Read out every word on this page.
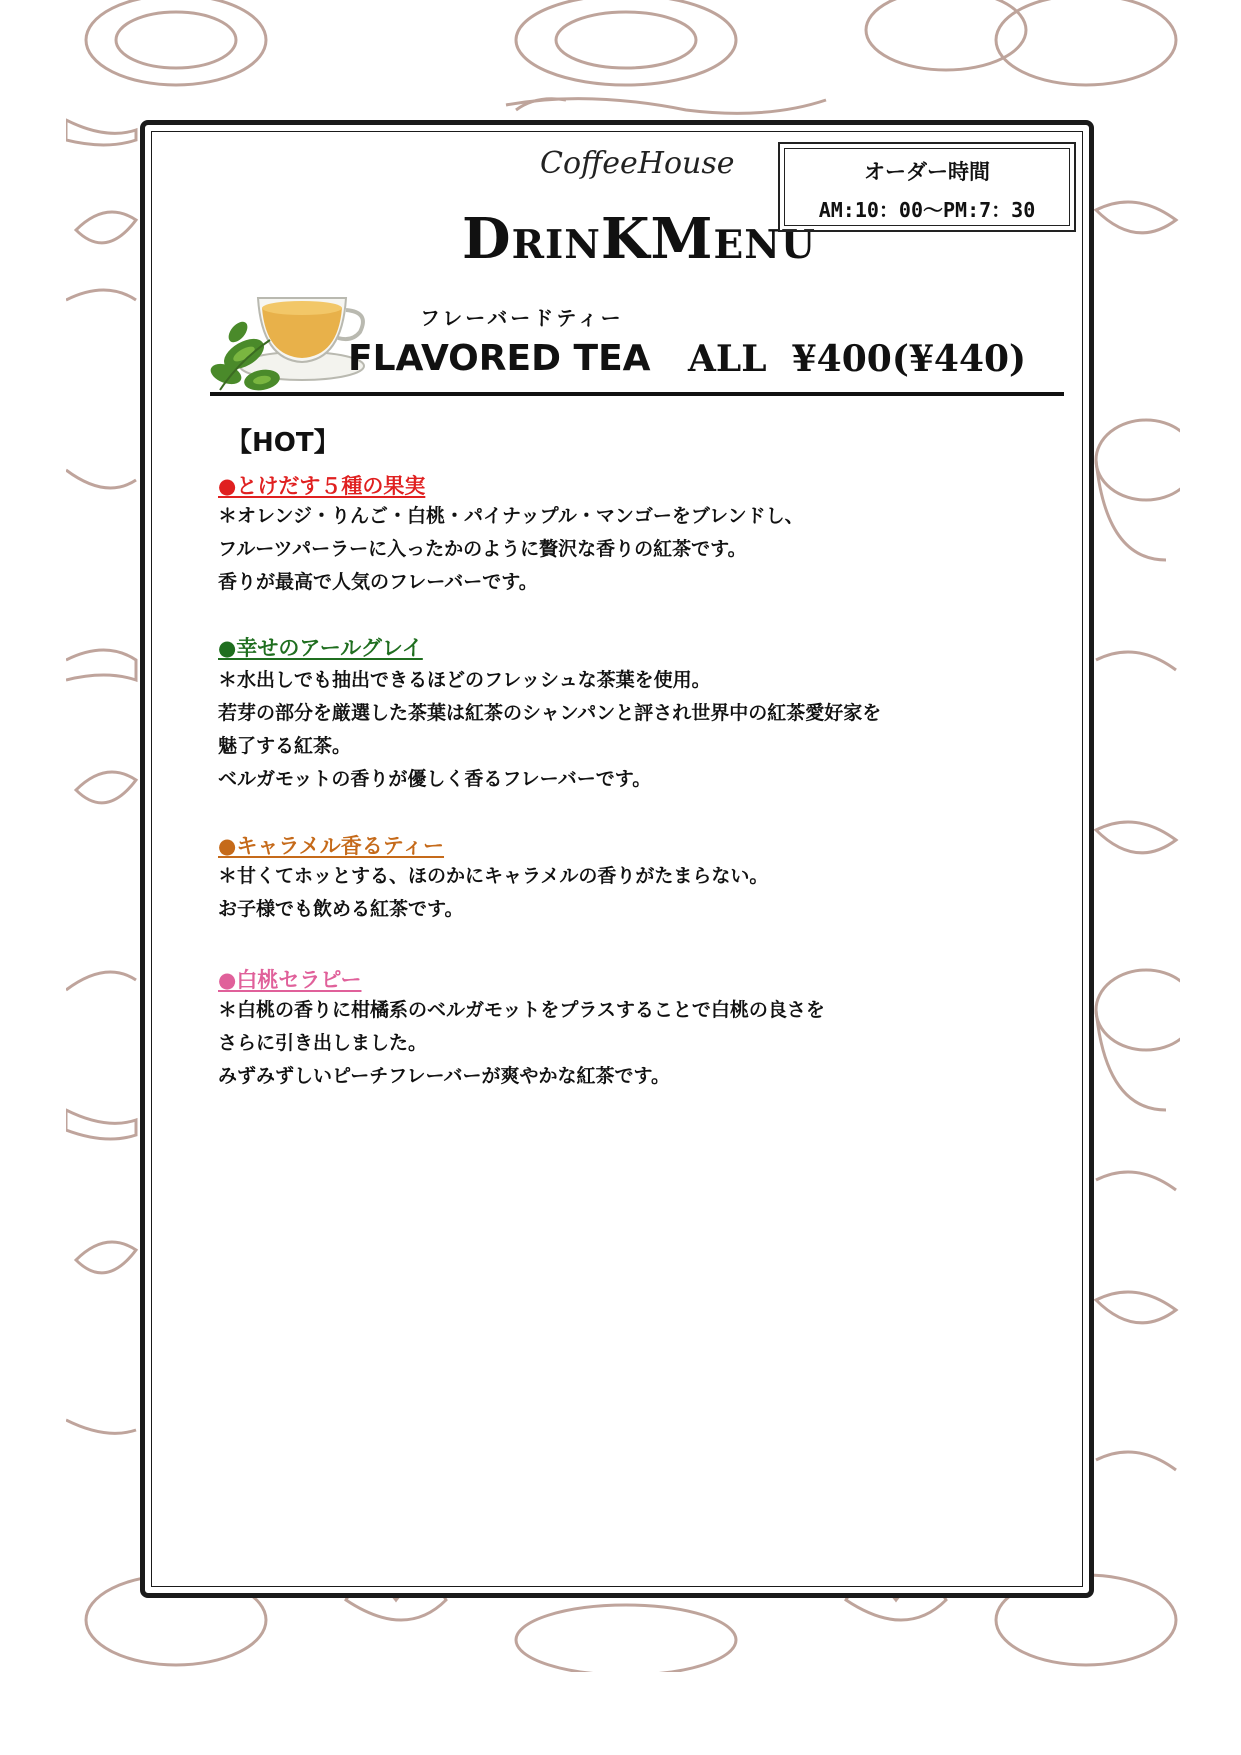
CoffeeHouse
DrinKMenu
オーダー時間
AM:10：00～PM:7：30
フレーバードティー
FLAVORED TEA ALL  ¥400(¥440)
【HOT】
●とけだす５種の果実
＊オレンジ・りんご・白桃・パイナップル・マンゴーをブレンドし、
フルーツパーラーに入ったかのように贅沢な香りの紅茶です。
香りが最高で人気のフレーバーです。
●幸せのアールグレイ
＊水出しでも抽出できるほどのフレッシュな茶葉を使用。
若芽の部分を厳選した茶葉は紅茶のシャンパンと評され世界中の紅茶愛好家を
魅了する紅茶。
ベルガモットの香りが優しく香るフレーバーです。
●キャラメル香るティー
＊甘くてホッとする、ほのかにキャラメルの香りがたまらない。
お子様でも飲める紅茶です。
●白桃セラピー
＊白桃の香りに柑橘系のベルガモットをプラスすることで白桃の良さを
さらに引き出しました。
みずみずしいピーチフレーバーが爽やかな紅茶です。
